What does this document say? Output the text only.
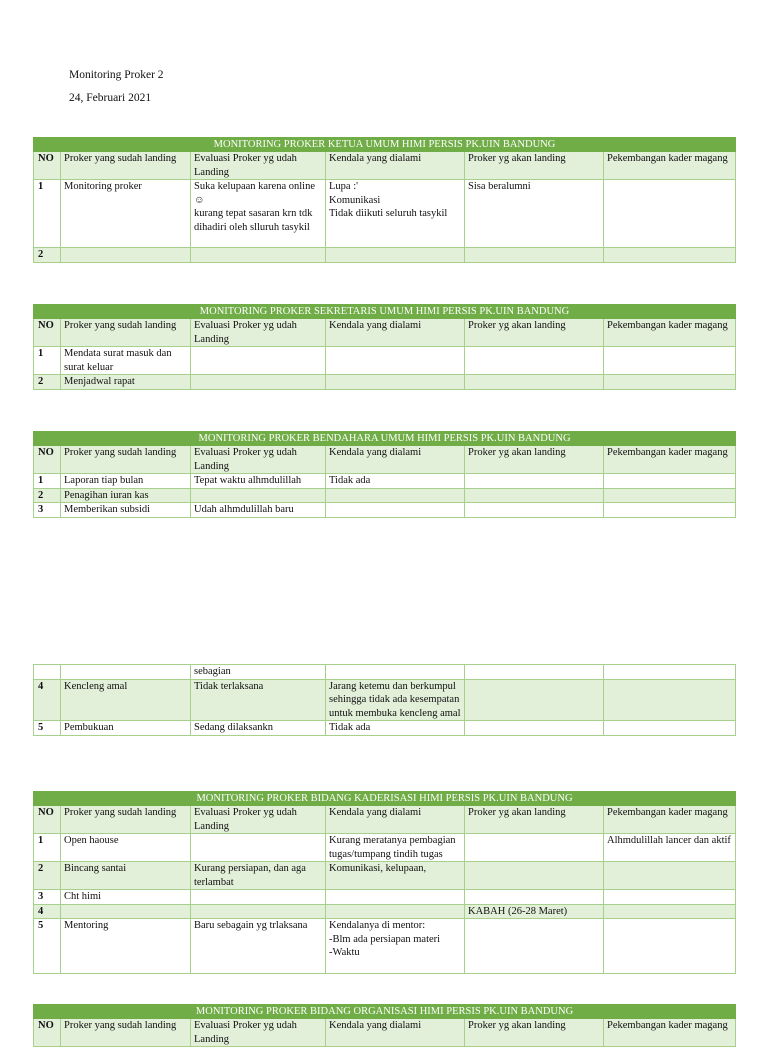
Monitoring Proker 2
24, Februari 2021
MONITORING PROKER KETUA UMUM HIMI PERSIS PK.UIN BANDUNG					
NO	Proker yang sudah landing	Evaluasi Proker yg udah Landing	Kendala yang dialami	Proker yg akan landing	Pekembangan kader magang
1	Monitoring proker	Suka kelupaan karena online ☺
kurang tepat sasaran krn tdk dihadiri oleh slluruh tasykil	Lupa :'
Komunikasi
Tidak diikuti seluruh tasykil	Sisa beralumni	
2					
MONITORING PROKER SEKRETARIS UMUM HIMI PERSIS PK.UIN BANDUNG					
NO	Proker yang sudah landing	Evaluasi Proker yg udah Landing	Kendala yang dialami	Proker yg akan landing	Pekembangan kader magang
1	Mendata surat masuk dan surat keluar				
2	Menjadwal rapat				
MONITORING PROKER BENDAHARA UMUM HIMI PERSIS PK.UIN BANDUNG					
NO	Proker yang sudah landing	Evaluasi Proker yg udah Landing	Kendala yang dialami	Proker yg akan landing	Pekembangan kader magang
1	Laporan tiap bulan	Tepat waktu alhmdulillah	Tidak ada		
2	Penagihan iuran kas				
3	Memberikan subsidi	Udah alhmdulillah baru			
		sebagian			
4	Kencleng amal	Tidak terlaksana	Jarang ketemu dan berkumpul sehingga tidak ada kesempatan untuk membuka kencleng amal		
5	Pembukuan	Sedang dilaksankn	Tidak ada		
MONITORING PROKER BIDANG KADERISASI HIMI PERSIS PK.UIN BANDUNG					
NO	Proker yang sudah landing	Evaluasi Proker yg udah Landing	Kendala yang dialami	Proker yg akan landing	Pekembangan kader magang
1	Open haouse		Kurang meratanya pembagian tugas/tumpang tindih tugas		Alhmdulillah lancer dan aktif
2	Bincang santai	Kurang persiapan, dan aga terlambat	Komunikasi, kelupaan,		
3	Cht himi				
4				KABAH (26-28 Maret)	
5	Mentoring	Baru sebagain yg trlaksana	Kendalanya di mentor:
-Blm ada persiapan materi
-Waktu		
MONITORING PROKER BIDANG ORGANISASI HIMI PERSIS PK.UIN BANDUNG
NO	Proker yang sudah landing	Evaluasi Proker yg udah Landing	Kendala yang dialami	Proker yg akan landing	Pekembangan kader magang
